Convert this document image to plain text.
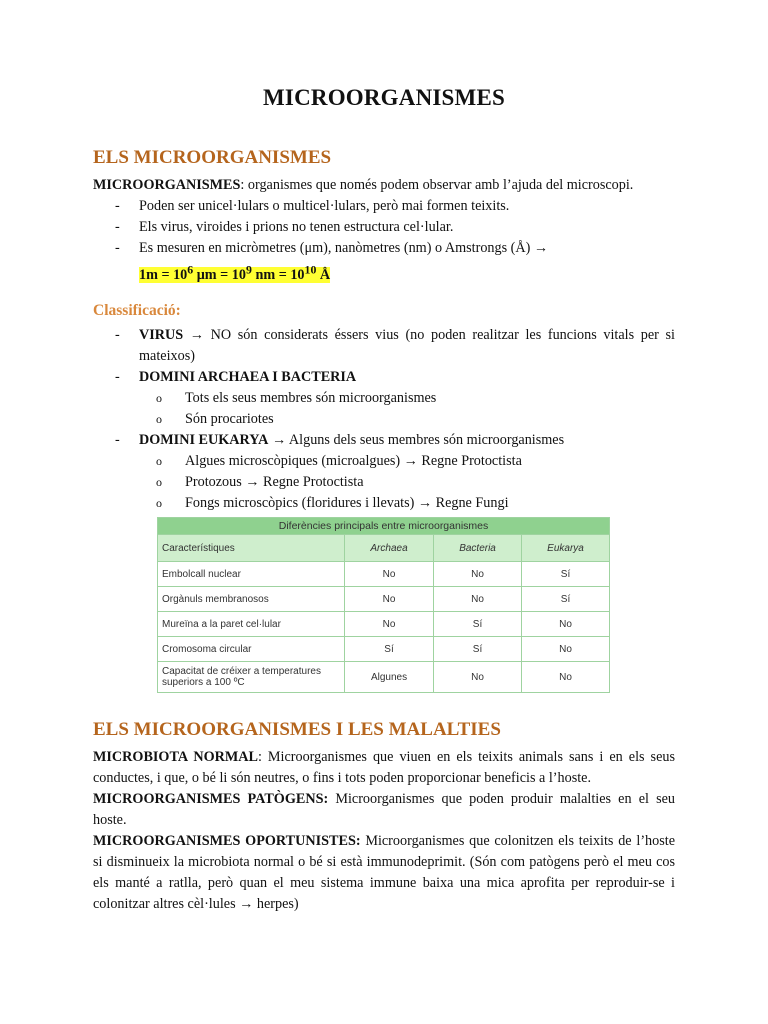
MICROORGANISMES
ELS MICROORGANISMES
MICROORGANISMES: organismes que només podem observar amb l’ajuda del microscopi.
- Poden ser unicel·lulars o multicel·lulars, però mai formen teixits.
- Els virus, viroides i prions no tenen estructura cel·lular.
- Es mesuren en micròmetres (μm), nanòmetres (nm) o Amstrongs (Å) →
$1m = 10^6$ $\mu m = 10^9$ nm = $10^{10}$ Å
Classificació:
- VIRUS → NO són considerats éssers vius (no poden realitzar les funcions vitals per si mateixos)
- DOMINI ARCHAEA I BACTERIA
o Tots els seus membres són microorganismes
o Són procariotes
- DOMINI EUKARYA → Alguns dels seus membres són microorganismes
o Algues microscòpiques (microalgues) → Regne Protoctista
o Protozous → Regne Protoctista
o Fongs microscòpics (floridures i llevats) → Regne Fungi
Diferències principals entre microorganismes			
Característiques	Archaea	Bacteria	Eukarya
Embolcall nuclear	No	No	Sí
Orgànuls membranosos	No	No	Sí
Mureïna a la paret cel·lular	No	Sí	No
Cromosoma circular	Sí	Sí	No
Capacitat de créixer a temperatures superiors a 100 ºC	Algunes	No	No
ELS MICROORGANISMES I LES MALALTIES
MICROBIOTA NORMAL: Microorganismes que viuen en els teixits animals sans i en els seus conductes, i que, o bé li són neutres, o fins i tots poden proporcionar beneficis a l’hoste.
MICROORGANISMES PATÒGENS: Microorganismes que poden produir malalties en el seu hoste.
MICROORGANISMES OPORTUNISTES: Microorganismes que colonitzen els teixits de l’hoste si disminueix la microbiota normal o bé si està immunodeprimit. (Són com patògens però el meu cos els manté a ratlla, però quan el meu sistema immune baixa una mica aprofita per reproduir-se i colonitzar altres cèl·lules → herpes)
